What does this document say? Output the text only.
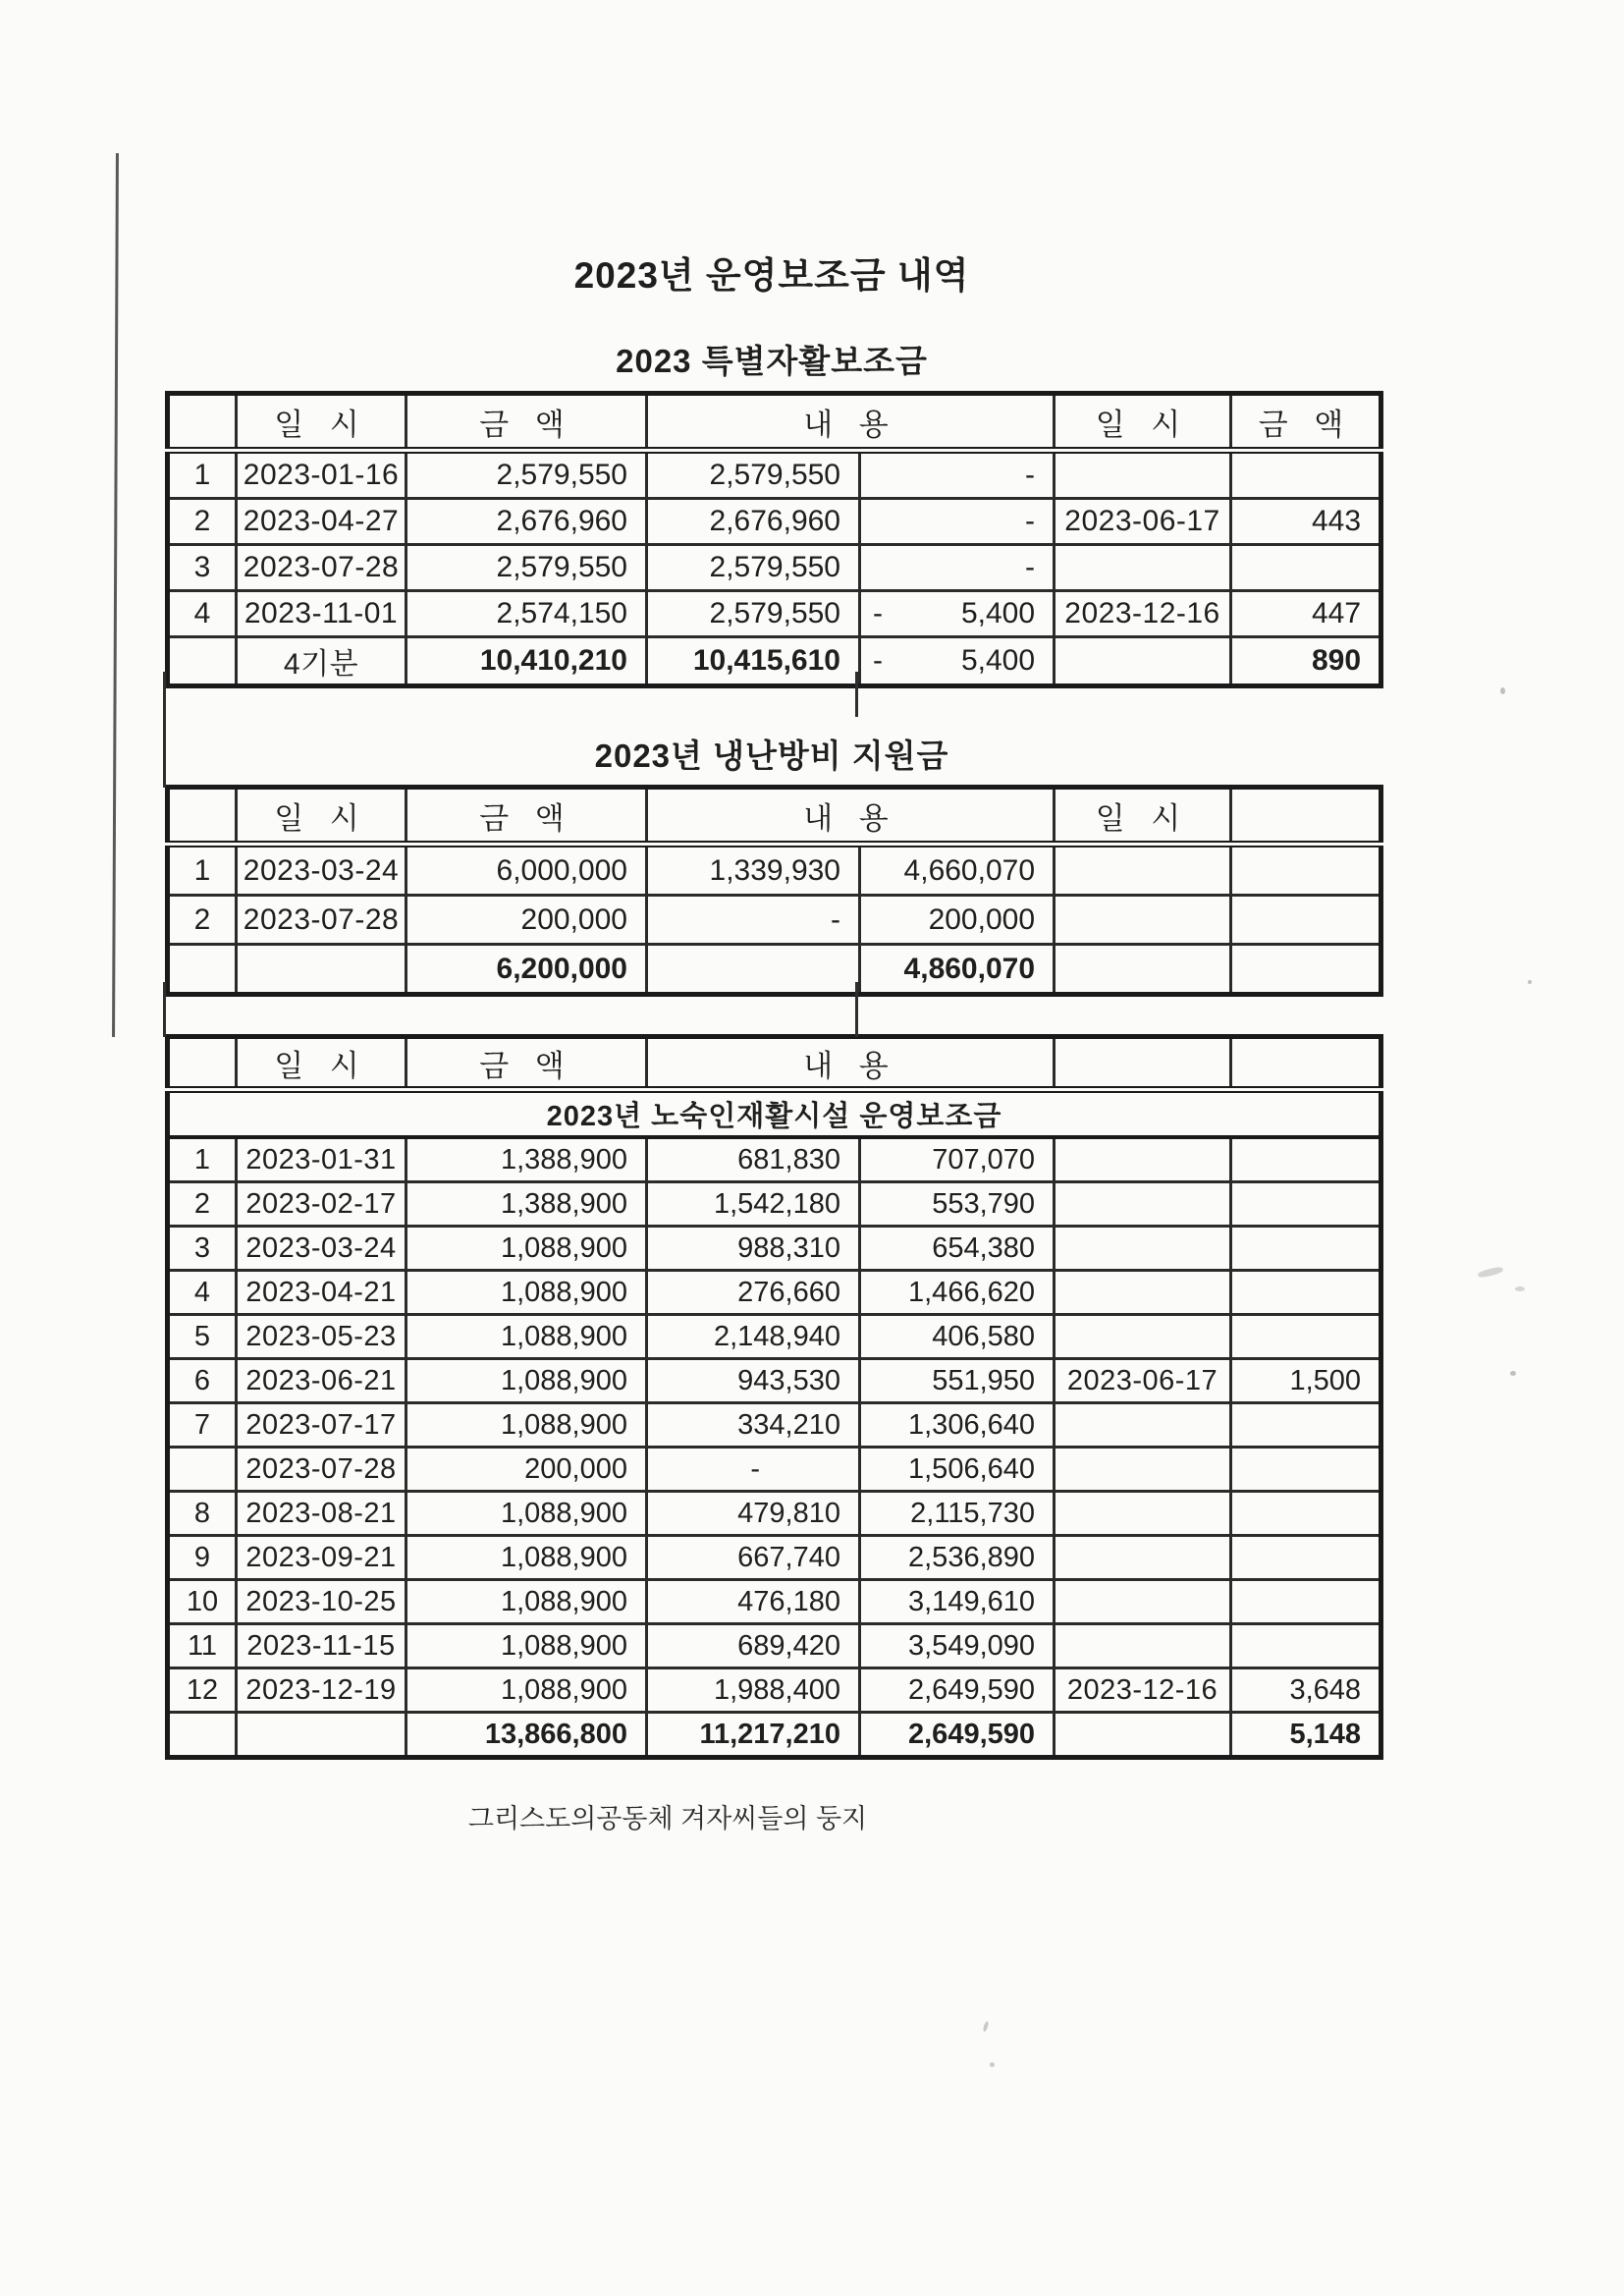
2023년 운영보조금 내역
2023 특별자활보조금
	일 시	금 액	내 용		일 시	금 액
1	2023-01-16	2,579,550	2,579,550	-		
2	2023-04-27	2,676,960	2,676,960	-	2023-06-17	443
3	2023-07-28	2,579,550	2,579,550	-		
4	2023-11-01	2,574,150	2,579,550	- 5,400	2023-12-16	447
	4기분	10,410,210	10,415,610	- 5,400		890
2023년 냉난방비 지원금
	일 시	금 액	내 용		일 시	
1	2023-03-24	6,000,000	1,339,930	4,660,070		
2	2023-07-28	200,000	-	200,000		
		6,200,000		4,860,070		
	일 시	금 액	내 용			
2023년 노숙인재활시설 운영보조금						
1	2023-01-31	1,388,900	681,830	707,070		
2	2023-02-17	1,388,900	1,542,180	553,790		
3	2023-03-24	1,088,900	988,310	654,380		
4	2023-04-21	1,088,900	276,660	1,466,620		
5	2023-05-23	1,088,900	2,148,940	406,580		
6	2023-06-21	1,088,900	943,530	551,950	2023-06-17	1,500
7	2023-07-17	1,088,900	334,210	1,306,640		
	2023-07-28	200,000	-	1,506,640		
8	2023-08-21	1,088,900	479,810	2,115,730		
9	2023-09-21	1,088,900	667,740	2,536,890		
10	2023-10-25	1,088,900	476,180	3,149,610		
11	2023-11-15	1,088,900	689,420	3,549,090		
12	2023-12-19	1,088,900	1,988,400	2,649,590	2023-12-16	3,648
		13,866,800	11,217,210	2,649,590		5,148
그리스도의공동체 겨자씨들의 둥지
